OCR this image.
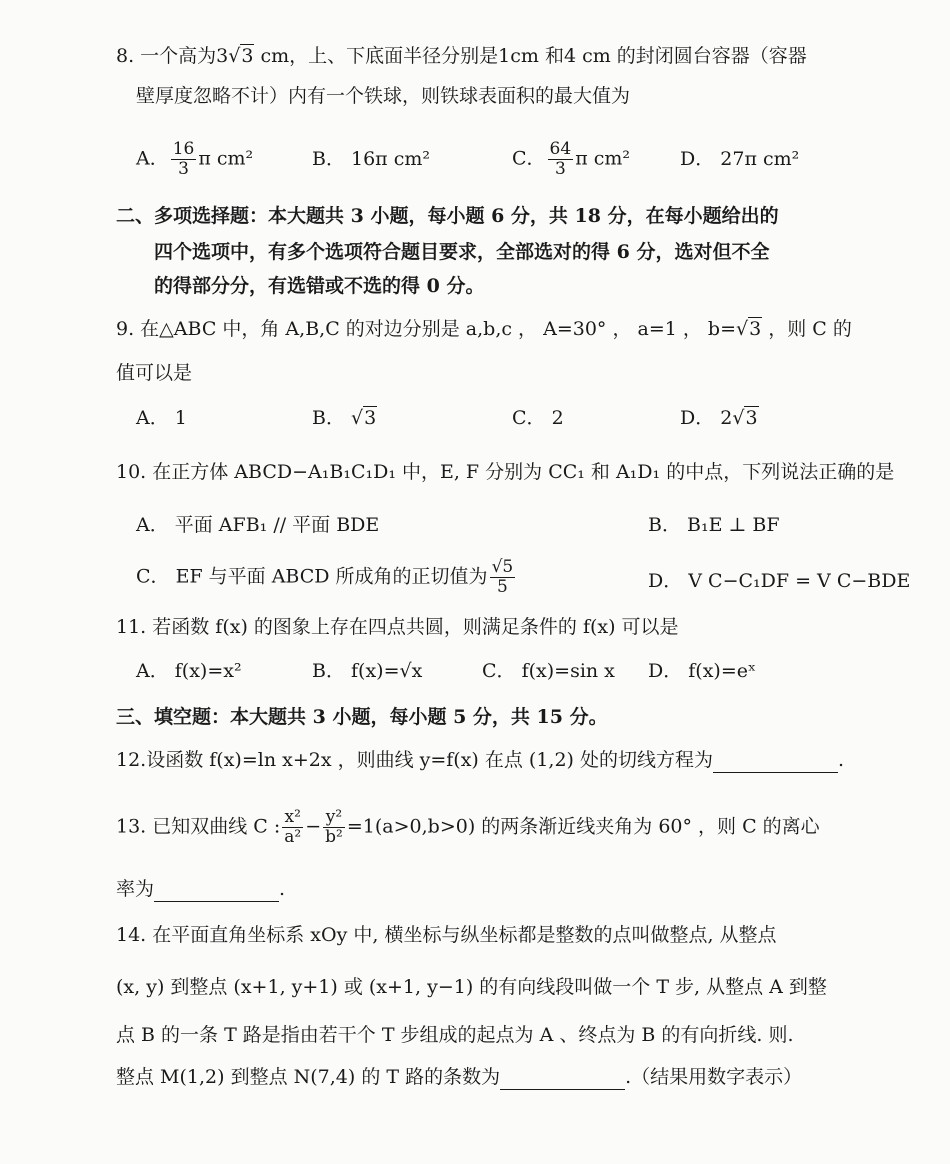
8. 一个高为3√3 cm，上、下底面半径分别是1cm 和4 cm 的封闭圆台容器（容器
壁厚度忽略不计）内有一个铁球，则铁球表面积的最大值为
A． $\frac{16}{3}$ π cm²	B． 16π cm²	C． $\frac{64}{3}$ π cm²	D． 27π cm²
二、多项选择题：本大题共 3 小题，每小题 6 分，共 18 分，在每小题给出的
四个选项中，有多个选项符合题目要求，全部选对的得 6 分，选对但不全
的得部分分，有选错或不选的得 0 分。
9. 在△ABC 中，角 A,B,C 的对边分别是 a,b,c ， A=30° ， a=1 ， b=√3 ，则 C 的
值可以是
A． 1	B． √3	C． 2	D． 2√3
10. 在正方体 ABCD−A₁B₁C₁D₁ 中，E, F 分别为 CC₁ 和 A₁D₁ 的中点，下列说法正确的是
A． 平面 AFB₁ // 平面 BDE	B． B₁E ⊥ BF
C． EF 与平面 ABCD 所成角的正切值为 $\frac{√5}{5}$	D． V C−C₁DF = V C−BDE
11. 若函数 f(x) 的图象上存在四点共圆，则满足条件的 f(x) 可以是
A． f(x)=x²	B． f(x)=√x	C． f(x)=sin x D． f(x)=eˣ
三、填空题：本大题共 3 小题，每小题 5 分，共 15 分。
12.设函数 f(x)=ln x+2x ，则曲线 y=f(x) 在点 (1,2) 处的切线方程为	.
13. 已知双曲线 C : $\frac{\text{x²}}{\text{a²}} - \frac{\text{y²}}{\text{b²}} =1(a>0,b>0)$ 的两条渐近线夹角为 60° ，则 C 的离心
率为	.
14. 在平面直角坐标系 xOy 中, 横坐标与纵坐标都是整数的点叫做整点, 从整点
(x, y) 到整点 (x+1, y+1) 或 (x+1, y−1) 的有向线段叫做一个 T 步, 从整点 A 到整
点 B 的一条 T 路是指由若干个 T 步组成的起点为 A 、终点为 B 的有向折线. 则.
整点 M(1,2) 到整点 N(7,4) 的 T 路的条数为	.（结果用数字表示）
